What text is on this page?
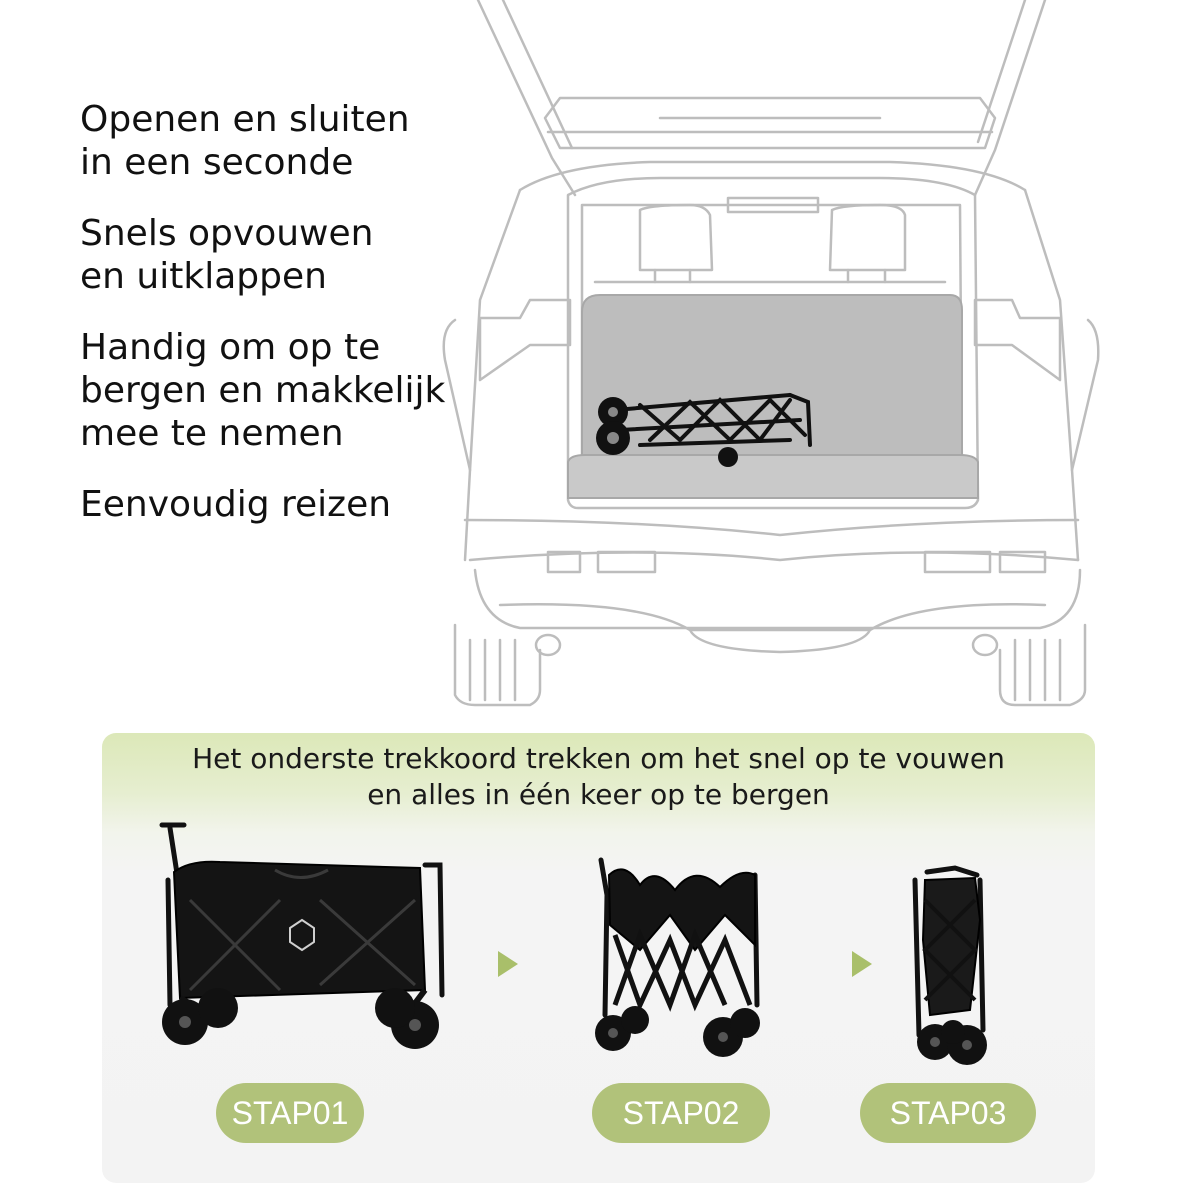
Openen en sluiten
in een seconde
Snels opvouwen
en uitklappen
Handig om op te
bergen en makkelijk
mee te nemen
Eenvoudig reizen
Het onderste trekkoord trekken om het snel op te vouwen
en alles in één keer op te bergen
STAP01	STAP02	STAP03
